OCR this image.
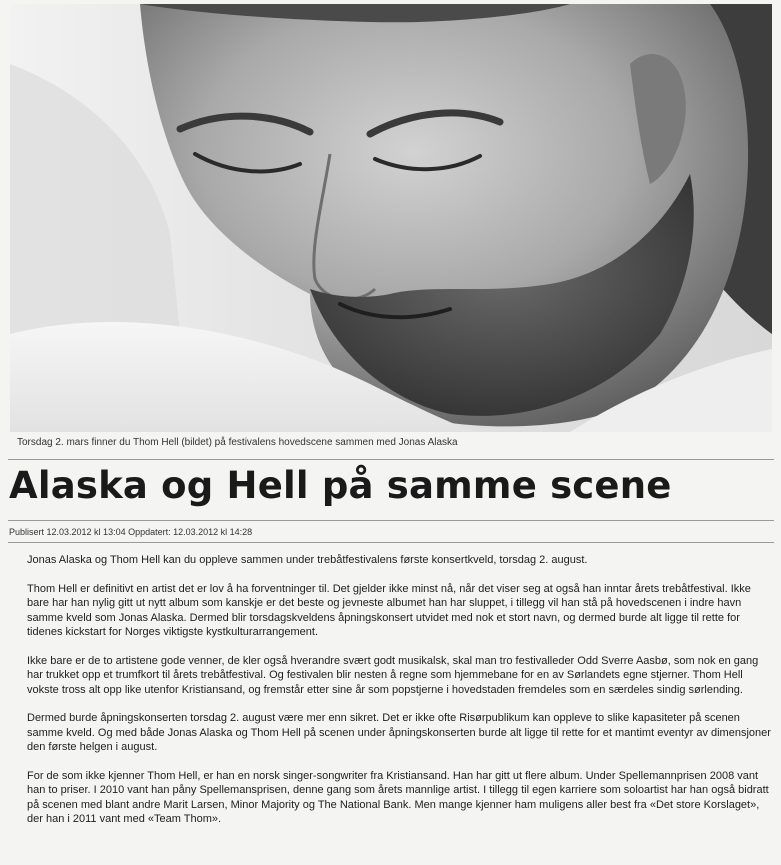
Torsdag 2. mars finner du Thom Hell (bildet) på festivalens hovedscene sammen med Jonas Alaska
Alaska og Hell på samme scene
Publisert 12.03.2012 kl 13:04 Oppdatert: 12.03.2012 kl 14:28

Jonas Alaska og Thom Hell kan du oppleve sammen under trebåtfestivalens første konsertkveld, torsdag 2. august.

Thom Hell er definitivt en artist det er lov å ha forventninger til. Det gjelder ikke minst nå, når det viser seg at også han inntar årets trebåtfestival. Ikke bare har han nylig gitt ut nytt album som kanskje er det beste og jevneste albumet han har sluppet, i tillegg vil han stå på hovedscenen i indre havn samme kveld som Jonas Alaska. Dermed blir torsdagskveldens åpningskonsert utvidet med nok et stort navn, og dermed burde alt ligge til rette for tidenes kickstart for Norges viktigste kystkulturarrangement.

Ikke bare er de to artistene gode venner, de kler også hverandre svært godt musikalsk, skal man tro festivalleder Odd Sverre Aasbø, som nok en gang har trukket opp et trumfkort til årets trebåtfestival. Og festivalen blir nesten å regne som hjemmebane for en av Sørlandets egne stjerner. Thom Hell vokste tross alt opp like utenfor Kristiansand, og fremstår etter sine år som popstjerne i hovedstaden fremdeles som en særdeles sindig sørlending.

Dermed burde åpningskonserten torsdag 2. august være mer enn sikret. Det er ikke ofte Risørpublikum kan oppleve to slike kapasiteter på scenen samme kveld. Og med både Jonas Alaska og Thom Hell på scenen under åpningskonserten burde alt ligge til rette for et mantimt eventyr av dimensjoner den første helgen i august.

For de som ikke kjenner Thom Hell, er han en norsk singer-songwriter fra Kristiansand. Han har gitt ut flere album. Under Spellemannprisen 2008 vant han to priser. I 2010 vant han påny Spellemansprisen, denne gang som årets mannlige artist. I tillegg til egen karriere som soloartist har han også bidratt på scenen med blant andre Marit Larsen, Minor Majority og The National Bank. Men mange kjenner ham muligens aller best fra «Det store Korslaget», der han i 2011 vant med «Team Thom».
